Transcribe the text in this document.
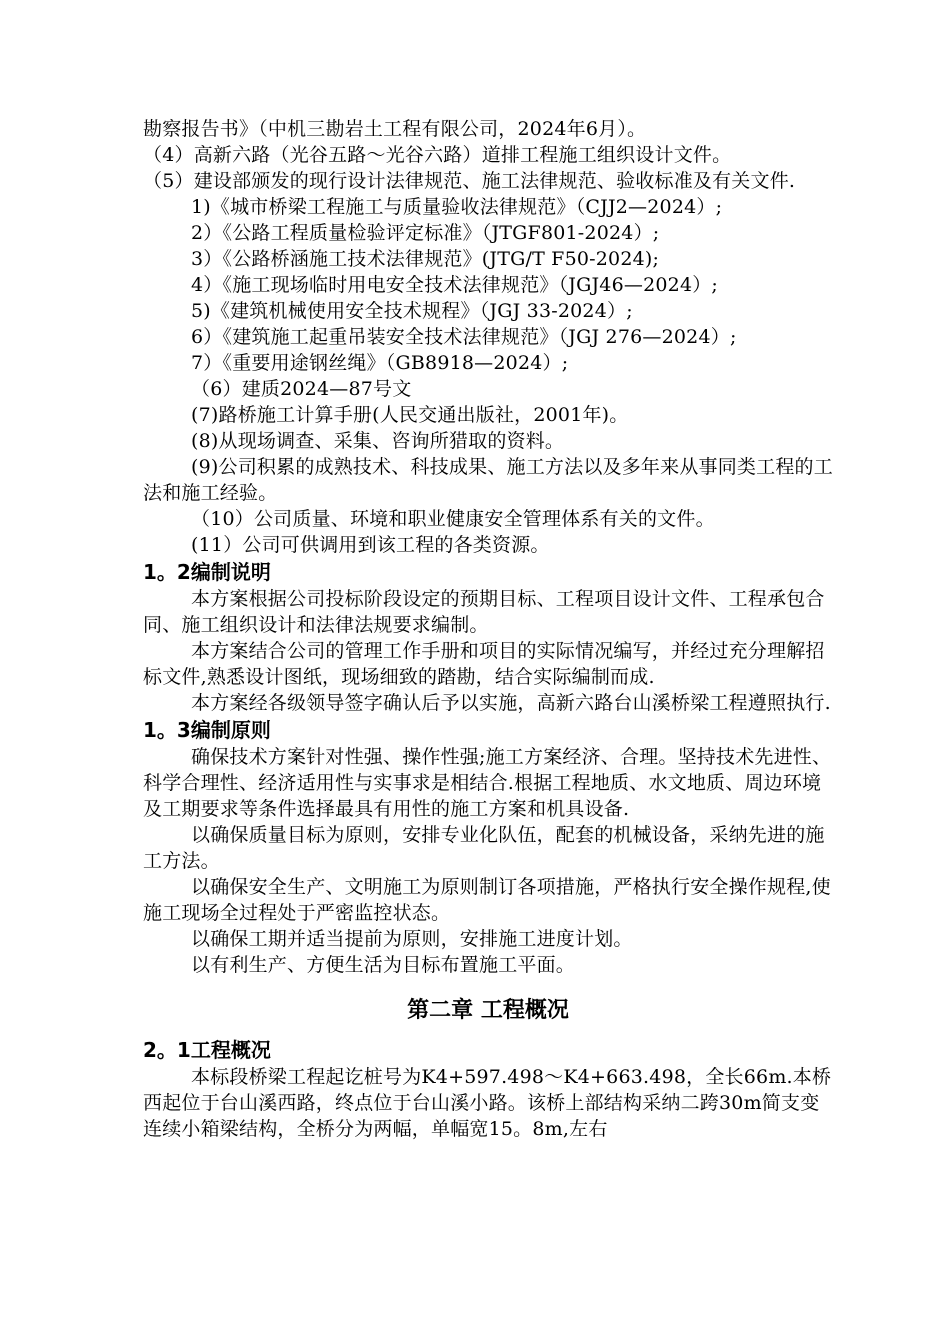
勘察报告书》（中机三勘岩土工程有限公司，2024年6月）。

（4）高新六路（光谷五路～光谷六路）道排工程施工组织设计文件。

（5）建设部颁发的现行设计法律规范、施工法律规范、验收标准及有关文件.

1)《城市桥梁工程施工与质量验收法律规范》（CJJ2—2024）;

2）《公路工程质量检验评定标准》（JTGF801-2024）;

3）《公路桥涵施工技术法律规范》(JTG/T F50-2024);

4）《施工现场临时用电安全技术法律规范》（JGJ46—2024）;

5)《建筑机械使用安全技术规程》（JGJ 33-2024）;

6）《建筑施工起重吊装安全技术法律规范》（JGJ 276—2024）;

7）《重要用途钢丝绳》（GB8918—2024）;

（6）建质2024—87号文

(7)路桥施工计算手册(人民交通出版社，2001年)。

(8)从现场调查、采集、咨询所猎取的资料。

(9)公司积累的成熟技术、科技成果、施工方法以及多年来从事同类工程的工法和施工经验。

（10）公司质量、环境和职业健康安全管理体系有关的文件。

(11）公司可供调用到该工程的各类资源。

1。2编制说明

本方案根据公司投标阶段设定的预期目标、工程项目设计文件、工程承包合同、施工组织设计和法律法规要求编制。

本方案结合公司的管理工作手册和项目的实际情况编写，并经过充分理解招标文件,熟悉设计图纸，现场细致的踏勘，结合实际编制而成.

本方案经各级领导签字确认后予以实施，高新六路台山溪桥梁工程遵照执行.

1。3编制原则

确保技术方案针对性强、操作性强;施工方案经济、合理。坚持技术先进性、科学合理性、经济适用性与实事求是相结合.根据工程地质、水文地质、周边环境及工期要求等条件选择最具有用性的施工方案和机具设备.

以确保质量目标为原则，安排专业化队伍，配套的机械设备，采纳先进的施工方法。

以确保安全生产、文明施工为原则制订各项措施，严格执行安全操作规程,使施工现场全过程处于严密监控状态。

以确保工期并适当提前为原则，安排施工进度计划。

以有利生产、方便生活为目标布置施工平面。

第二章 工程概况
2。1工程概况

本标段桥梁工程起讫桩号为K4+597.498～K4+663.498，全长66m.本桥西起位于台山溪西路，终点位于台山溪小路。该桥上部结构采纳二跨30m简支变连续小箱梁结构，全桥分为两幅，单幅宽15。8m,左右
